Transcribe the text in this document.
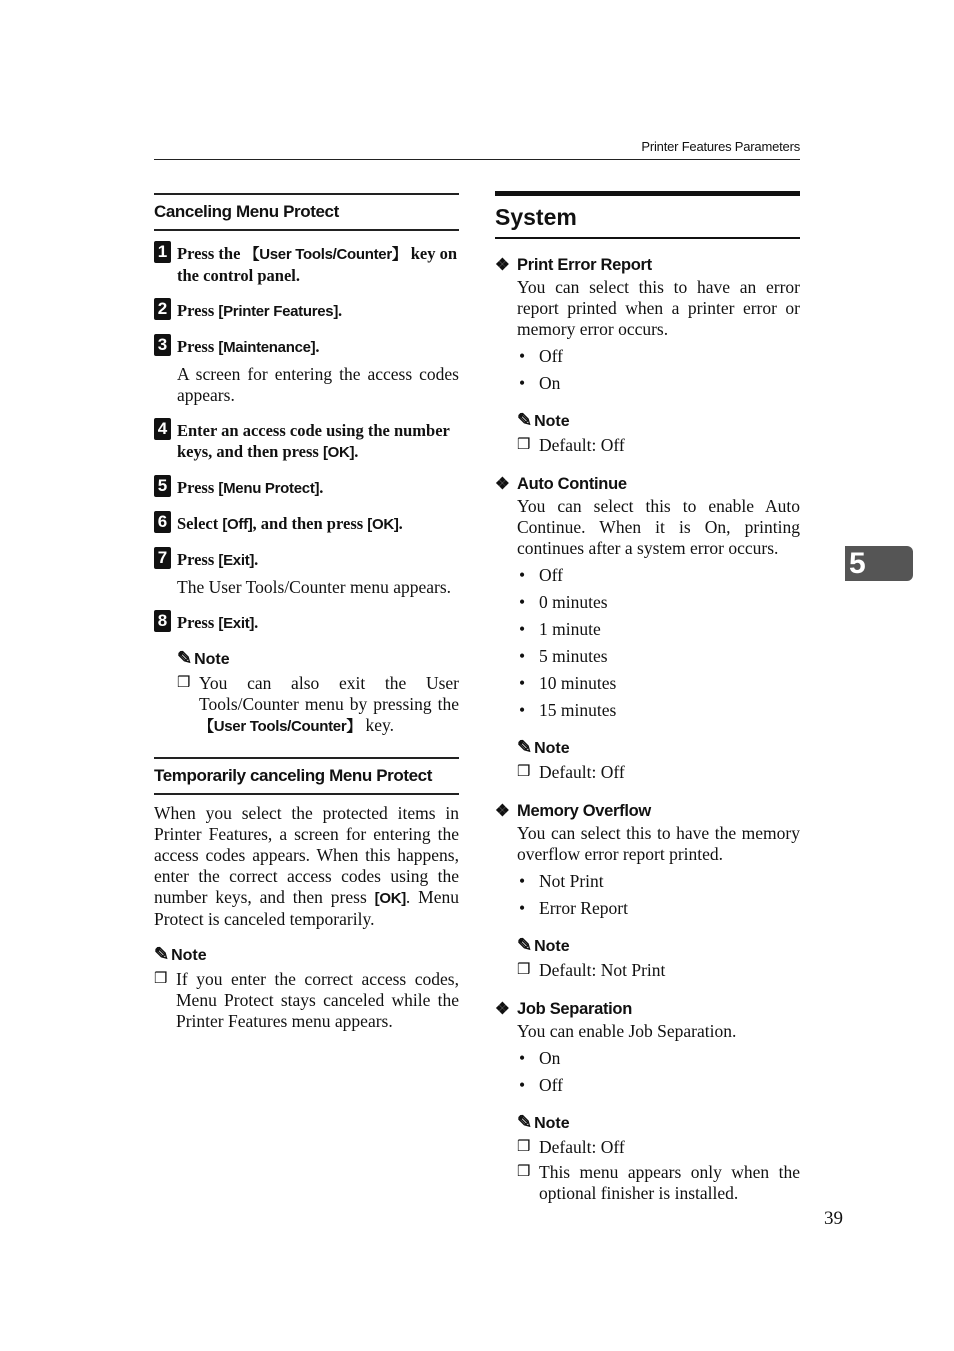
Printer Features Parameters
Canceling Menu Protect
1 Press the 【User Tools/Counter】 key on the control panel.
2 Press [Printer Features].
3 Press [Maintenance].
A screen for entering the access codes appears.
4 Enter an access code using the number keys, and then press [OK].
5 Press [Menu Protect].
6 Select [Off], and then press [OK].
7 Press [Exit].
The User Tools/Counter menu appears.
8 Press [Exit].
✎ Note
❒ You can also exit the User Tools/Counter menu by pressing the 【User Tools/Counter】 key.
Temporarily canceling Menu Protect
When you select the protected items in Printer Features, a screen for entering the access codes appears. When this happens, enter the correct access codes using the number keys, and then press [OK]. Menu Protect is canceled temporarily.
✎ Note
❒ If you enter the correct access codes, Menu Protect stays canceled while the Printer Features menu appears.
System
❖ Print Error Report
You can select this to have an error report printed when a printer error or memory error occurs.
• Off
• On
✎ Note
❒ Default: Off
❖ Auto Continue
You can select this to enable Auto Continue. When it is On, printing continues after a system error occurs.
• Off
• 0 minutes
• 1 minute
• 5 minutes
• 10 minutes
• 15 minutes
✎ Note
❒ Default: Off
❖ Memory Overflow
You can select this to have the memory overflow error report printed.
• Not Print
• Error Report
✎ Note
❒ Default: Not Print
❖ Job Separation
You can enable Job Separation.
• On
• Off
✎ Note
❒ Default: Off
❒ This menu appears only when the optional finisher is installed.
5
39
